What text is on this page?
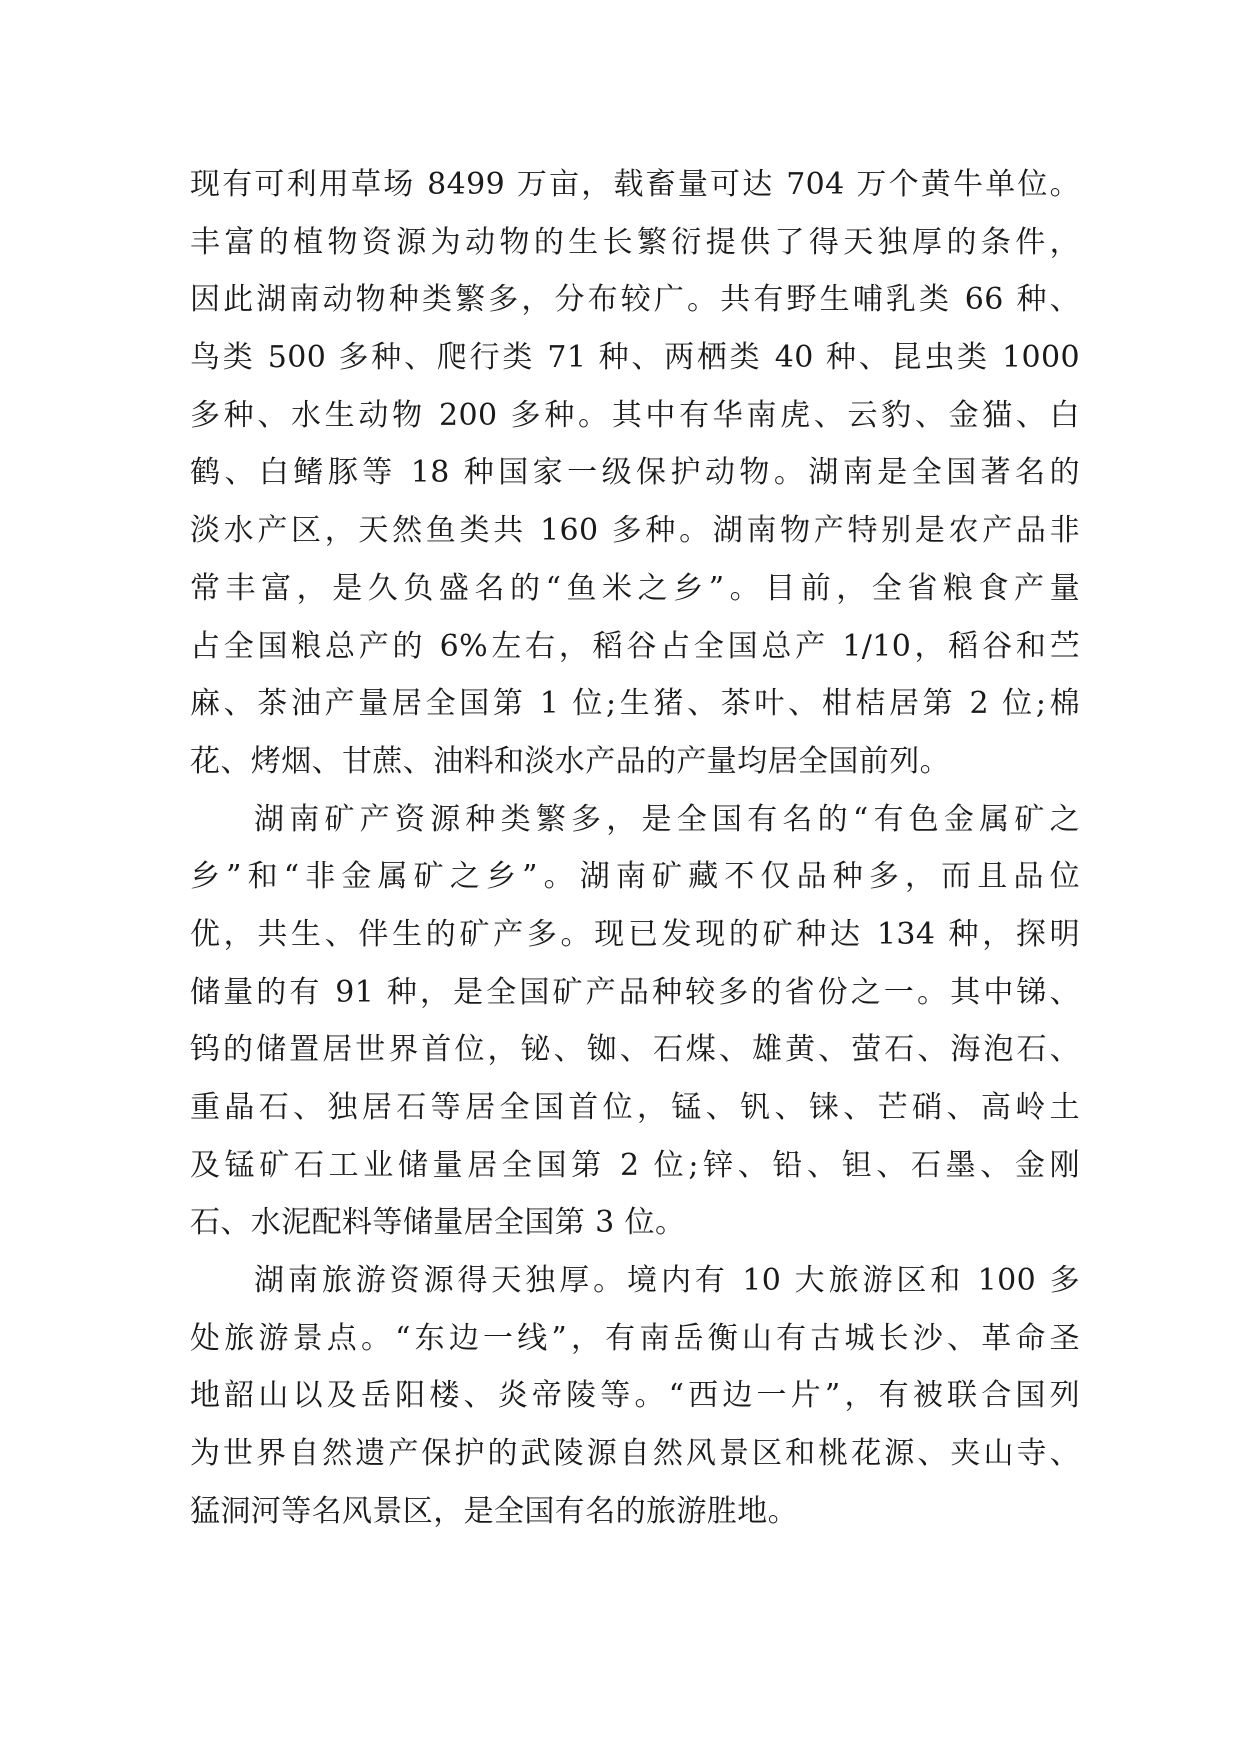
现有可利用草场 8499 万亩，载畜量可达 704 万个黄牛单位。
丰富的植物资源为动物的生长繁衍提供了得天独厚的条件，
因此湖南动物种类繁多，分布较广。共有野生哺乳类 66 种、
鸟类 500 多种、爬行类 71 种、两栖类 40 种、昆虫类 1000
多种、水生动物 200 多种。其中有华南虎、云豹、金猫、白
鹤、白鳍豚等 18 种国家一级保护动物。湖南是全国著名的
淡水产区，天然鱼类共 160 多种。湖南物产特别是农产品非
常丰富，是久负盛名的“鱼米之乡”。目前，全省粮食产量
占全国粮总产的 6%左右，稻谷占全国总产 1/10，稻谷和苎
麻、茶油产量居全国第 1 位;生猪、茶叶、柑桔居第 2 位;棉
花、烤烟、甘蔗、油料和淡水产品的产量均居全国前列。
湖南矿产资源种类繁多，是全国有名的“有色金属矿之
乡”和“非金属矿之乡”。湖南矿藏不仅品种多，而且品位
优，共生、伴生的矿产多。现已发现的矿种达 134 种，探明
储量的有 91 种，是全国矿产品种较多的省份之一。其中锑、
钨的储置居世界首位，铋、铷、石煤、雄黄、萤石、海泡石、
重晶石、独居石等居全国首位，锰、钒、铼、芒硝、高岭土
及锰矿石工业储量居全国第 2 位;锌、铅、钽、石墨、金刚
石、水泥配料等储量居全国第 3 位。
湖南旅游资源得天独厚。境内有 10 大旅游区和 100 多
处旅游景点。“东边一线”，有南岳衡山有古城长沙、革命圣
地韶山以及岳阳楼、炎帝陵等。“西边一片”，有被联合国列
为世界自然遗产保护的武陵源自然风景区和桃花源、夹山寺、
猛洞河等名风景区，是全国有名的旅游胜地。
